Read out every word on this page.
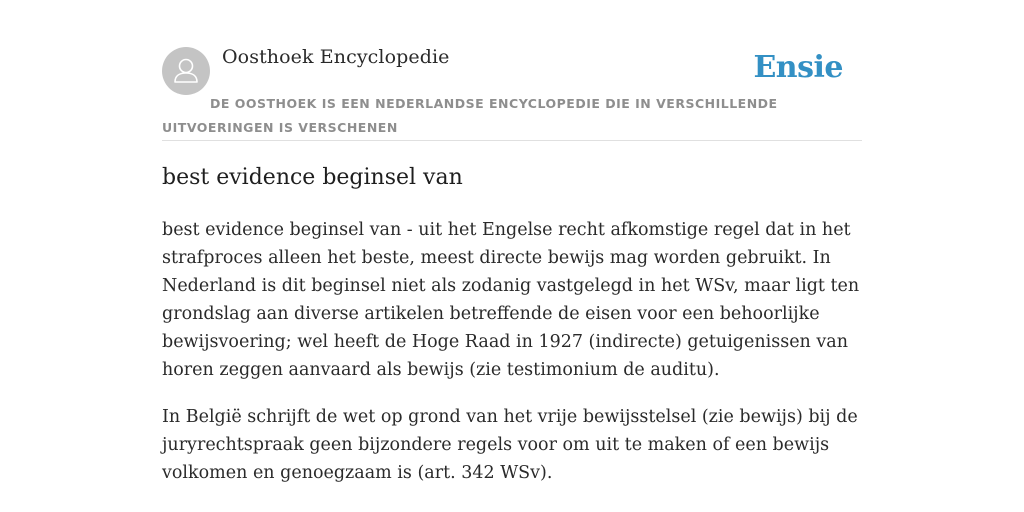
Oosthoek Encyclopedie	Ensie

DE OOSTHOEK IS EEN NEDERLANDSE ENCYCLOPEDIE DIE IN VERSCHILLENDE UITVOERINGEN IS VERSCHENEN

best evidence beginsel van

best evidence beginsel van - uit het Engelse recht afkomstige regel dat in het strafproces alleen het beste, meest directe bewijs mag worden gebruikt. In Nederland is dit beginsel niet als zodanig vastgelegd in het WSv, maar ligt ten grondslag aan diverse artikelen betreffende de eisen voor een behoorlijke bewijsvoering; wel heeft de Hoge Raad in 1927 (indirecte) getuigenissen van horen zeggen aanvaard als bewijs (zie testimonium de auditu).

In België schrijft de wet op grond van het vrije bewijsstelsel (zie bewijs) bij de juryrechtspraak geen bijzondere regels voor om uit te maken of een bewijs volkomen en genoegzaam is (art. 342 WSv).
